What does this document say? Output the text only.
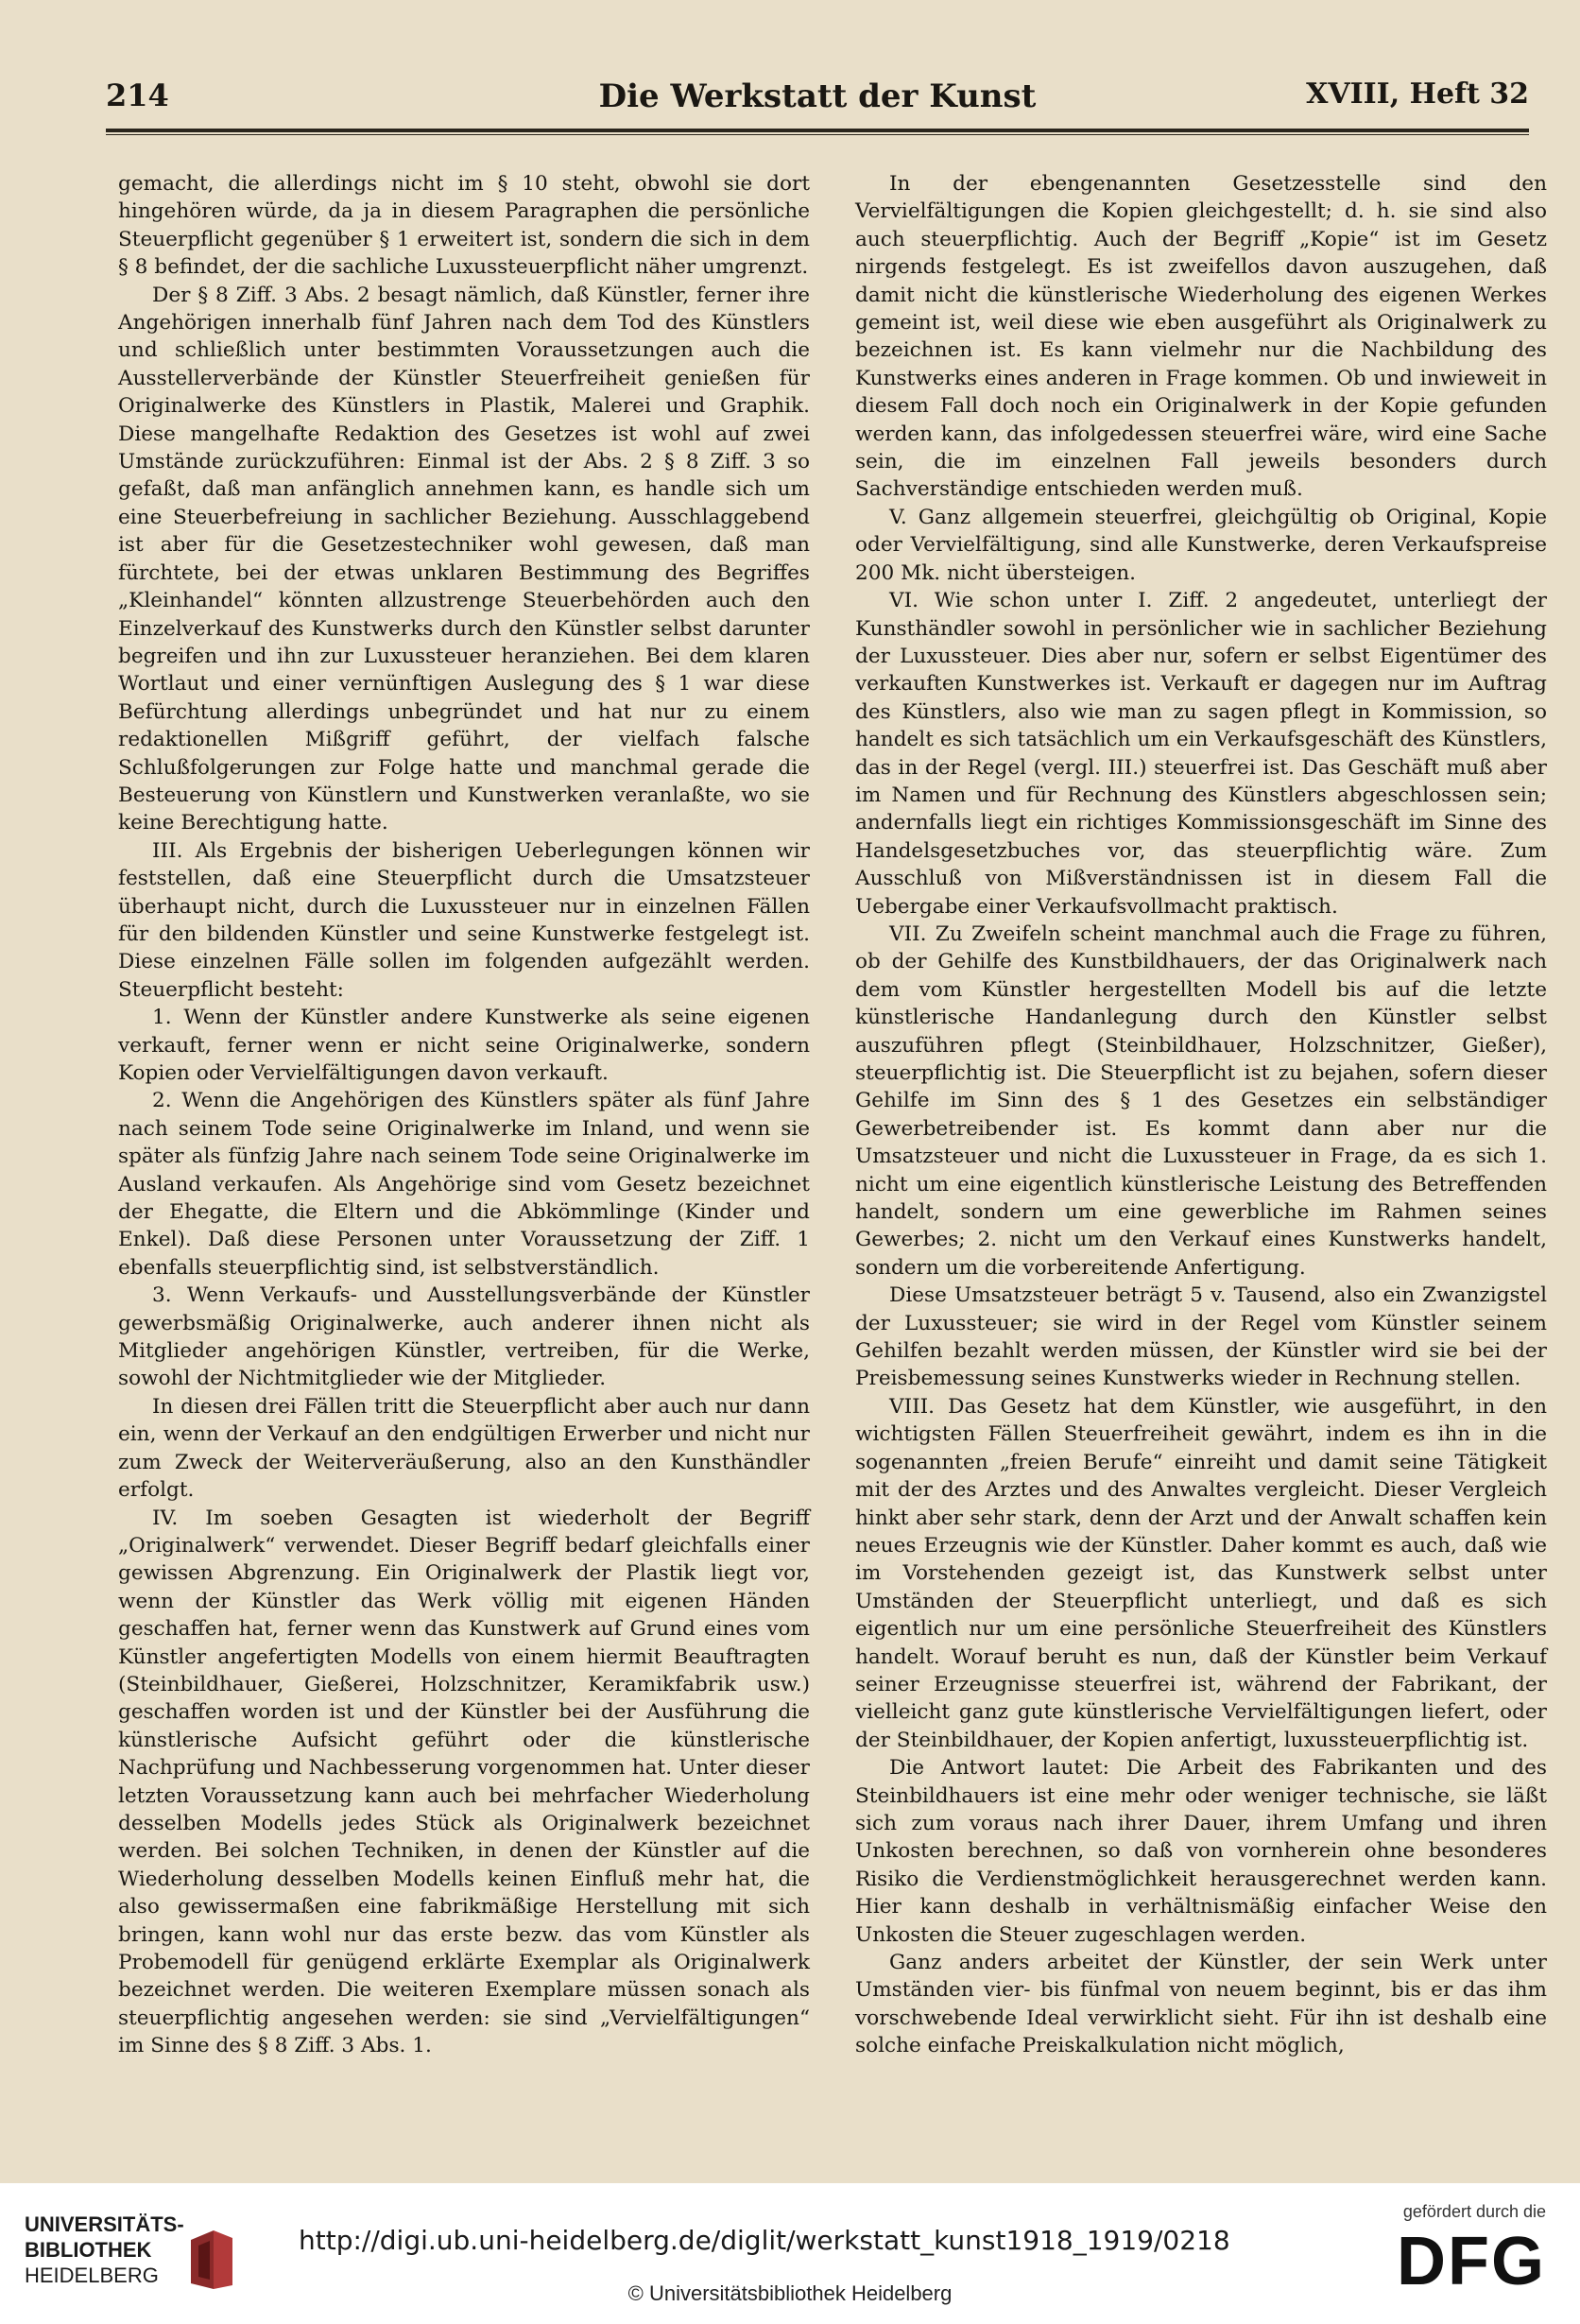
214	Die Werkstatt der Kunst	XVIII, Heft 32

gemacht, die allerdings nicht im § 10 steht, obwohl sie dort hingehören würde, da ja in diesem Paragraphen die persönliche Steuerpflicht gegenüber § 1 erweitert ist, sondern die sich in dem § 8 befindet, der die sachliche Luxussteuerpflicht näher umgrenzt.

Der § 8 Ziff. 3 Abs. 2 besagt nämlich, daß Künstler, ferner ihre Angehörigen innerhalb fünf Jahren nach dem Tod des Künstlers und schließlich unter bestimmten Voraussetzungen auch die Ausstellerverbände der Künstler Steuerfreiheit genießen für Originalwerke des Künstlers in Plastik, Malerei und Graphik. Diese mangelhafte Redaktion des Gesetzes ist wohl auf zwei Umstände zurückzuführen: Einmal ist der Abs. 2 § 8 Ziff. 3 so gefaßt, daß man anfänglich annehmen kann, es handle sich um eine Steuerbefreiung in sachlicher Beziehung. Ausschlaggebend ist aber für die Gesetzestechniker wohl gewesen, daß man fürchtete, bei der etwas unklaren Bestimmung des Begriffes „Kleinhandel“ könnten allzustrenge Steuerbehörden auch den Einzelverkauf des Kunstwerks durch den Künstler selbst darunter begreifen und ihn zur Luxussteuer heranziehen. Bei dem klaren Wortlaut und einer vernünftigen Auslegung des § 1 war diese Befürchtung allerdings unbegründet und hat nur zu einem redaktionellen Mißgriff geführt, der vielfach falsche Schlußfolgerungen zur Folge hatte und manchmal gerade die Besteuerung von Künstlern und Kunstwerken veranlaßte, wo sie keine Berechtigung hatte.

III. Als Ergebnis der bisherigen Ueberlegungen können wir feststellen, daß eine Steuerpflicht durch die Umsatzsteuer überhaupt nicht, durch die Luxussteuer nur in einzelnen Fällen für den bildenden Künstler und seine Kunstwerke festgelegt ist. Diese einzelnen Fälle sollen im folgenden aufgezählt werden. Steuerpflicht besteht:

1. Wenn der Künstler andere Kunstwerke als seine eigenen verkauft, ferner wenn er nicht seine Originalwerke, sondern Kopien oder Vervielfältigungen davon verkauft.

2. Wenn die Angehörigen des Künstlers später als fünf Jahre nach seinem Tode seine Originalwerke im Inland, und wenn sie später als fünfzig Jahre nach seinem Tode seine Originalwerke im Ausland verkaufen. Als Angehörige sind vom Gesetz bezeichnet der Ehegatte, die Eltern und die Abkömmlinge (Kinder und Enkel). Daß diese Personen unter Voraussetzung der Ziff. 1 ebenfalls steuerpflichtig sind, ist selbstverständlich.

3. Wenn Verkaufs- und Ausstellungsverbände der Künstler gewerbsmäßig Originalwerke, auch anderer ihnen nicht als Mitglieder angehörigen Künstler, vertreiben, für die Werke, sowohl der Nichtmitglieder wie der Mitglieder.

In diesen drei Fällen tritt die Steuerpflicht aber auch nur dann ein, wenn der Verkauf an den endgültigen Erwerber und nicht nur zum Zweck der Weiterveräußerung, also an den Kunsthändler erfolgt.

IV. Im soeben Gesagten ist wiederholt der Begriff „Originalwerk“ verwendet. Dieser Begriff bedarf gleichfalls einer gewissen Abgrenzung. Ein Originalwerk der Plastik liegt vor, wenn der Künstler das Werk völlig mit eigenen Händen geschaffen hat, ferner wenn das Kunstwerk auf Grund eines vom Künstler angefertigten Modells von einem hiermit Beauftragten (Steinbildhauer, Gießerei, Holzschnitzer, Keramikfabrik usw.) geschaffen worden ist und der Künstler bei der Ausführung die künstlerische Aufsicht geführt oder die künstlerische Nachprüfung und Nachbesserung vorgenommen hat. Unter dieser letzten Voraussetzung kann auch bei mehrfacher Wiederholung desselben Modells jedes Stück als Originalwerk bezeichnet werden. Bei solchen Techniken, in denen der Künstler auf die Wiederholung desselben Modells keinen Einfluß mehr hat, die also gewissermaßen eine fabrikmäßige Herstellung mit sich bringen, kann wohl nur das erste bezw. das vom Künstler als Probemodell für genügend erklärte Exemplar als Originalwerk bezeichnet werden. Die weiteren Exemplare müssen sonach als steuerpflichtig angesehen werden: sie sind „Vervielfältigungen“ im Sinne des § 8 Ziff. 3 Abs. 1.

In der ebengenannten Gesetzesstelle sind den Vervielfältigungen die Kopien gleichgestellt; d. h. sie sind also auch steuerpflichtig. Auch der Begriff „Kopie“ ist im Gesetz nirgends festgelegt. Es ist zweifellos davon auszugehen, daß damit nicht die künstlerische Wiederholung des eigenen Werkes gemeint ist, weil diese wie eben ausgeführt als Originalwerk zu bezeichnen ist. Es kann vielmehr nur die Nachbildung des Kunstwerks eines anderen in Frage kommen. Ob und inwieweit in diesem Fall doch noch ein Originalwerk in der Kopie gefunden werden kann, das infolgedessen steuerfrei wäre, wird eine Sache sein, die im einzelnen Fall jeweils besonders durch Sachverständige entschieden werden muß.

V. Ganz allgemein steuerfrei, gleichgültig ob Original, Kopie oder Vervielfältigung, sind alle Kunstwerke, deren Verkaufspreise 200 Mk. nicht übersteigen.

VI. Wie schon unter I. Ziff. 2 angedeutet, unterliegt der Kunsthändler sowohl in persönlicher wie in sachlicher Beziehung der Luxussteuer. Dies aber nur, sofern er selbst Eigentümer des verkauften Kunstwerkes ist. Verkauft er dagegen nur im Auftrag des Künstlers, also wie man zu sagen pflegt in Kommission, so handelt es sich tatsächlich um ein Verkaufsgeschäft des Künstlers, das in der Regel (vergl. III.) steuerfrei ist. Das Geschäft muß aber im Namen und für Rechnung des Künstlers abgeschlossen sein; andernfalls liegt ein richtiges Kommissionsgeschäft im Sinne des Handelsgesetzbuches vor, das steuerpflichtig wäre. Zum Ausschluß von Mißverständnissen ist in diesem Fall die Uebergabe einer Verkaufsvollmacht praktisch.

VII. Zu Zweifeln scheint manchmal auch die Frage zu führen, ob der Gehilfe des Kunstbildhauers, der das Originalwerk nach dem vom Künstler hergestellten Modell bis auf die letzte künstlerische Handanlegung durch den Künstler selbst auszuführen pflegt (Steinbildhauer, Holzschnitzer, Gießer), steuerpflichtig ist. Die Steuerpflicht ist zu bejahen, sofern dieser Gehilfe im Sinn des § 1 des Gesetzes ein selbständiger Gewerbetreibender ist. Es kommt dann aber nur die Umsatzsteuer und nicht die Luxussteuer in Frage, da es sich 1. nicht um eine eigentlich künstlerische Leistung des Betreffenden handelt, sondern um eine gewerbliche im Rahmen seines Gewerbes; 2. nicht um den Verkauf eines Kunstwerks handelt, sondern um die vorbereitende Anfertigung.

Diese Umsatzsteuer beträgt 5 v. Tausend, also ein Zwanzigstel der Luxussteuer; sie wird in der Regel vom Künstler seinem Gehilfen bezahlt werden müssen, der Künstler wird sie bei der Preisbemessung seines Kunstwerks wieder in Rechnung stellen.

VIII. Das Gesetz hat dem Künstler, wie ausgeführt, in den wichtigsten Fällen Steuerfreiheit gewährt, indem es ihn in die sogenannten „freien Berufe“ einreiht und damit seine Tätigkeit mit der des Arztes und des Anwaltes vergleicht. Dieser Vergleich hinkt aber sehr stark, denn der Arzt und der Anwalt schaffen kein neues Erzeugnis wie der Künstler. Daher kommt es auch, daß wie im Vorstehenden gezeigt ist, das Kunstwerk selbst unter Umständen der Steuerpflicht unterliegt, und daß es sich eigentlich nur um eine persönliche Steuerfreiheit des Künstlers handelt. Worauf beruht es nun, daß der Künstler beim Verkauf seiner Erzeugnisse steuerfrei ist, während der Fabrikant, der vielleicht ganz gute künstlerische Vervielfältigungen liefert, oder der Steinbildhauer, der Kopien anfertigt, luxussteuerpflichtig ist.

Die Antwort lautet: Die Arbeit des Fabrikanten und des Steinbildhauers ist eine mehr oder weniger technische, sie läßt sich zum voraus nach ihrer Dauer, ihrem Umfang und ihren Unkosten berechnen, so daß von vornherein ohne besonderes Risiko die Verdienstmöglichkeit herausgerechnet werden kann. Hier kann deshalb in verhältnismäßig einfacher Weise den Unkosten die Steuer zugeschlagen werden.

Ganz anders arbeitet der Künstler, der sein Werk unter Umständen vier- bis fünfmal von neuem beginnt, bis er das ihm vorschwebende Ideal verwirklicht sieht. Für ihn ist deshalb eine solche einfache Preiskalkulation nicht möglich,

UNIVERSITÄTS-
BIBLIOTHEK
HEIDELBERG
http://digi.ub.uni-heidelberg.de/diglit/werkstatt_kunst1918_1919/0218
© Universitätsbibliothek Heidelberg
gefördert durch die
DFG
